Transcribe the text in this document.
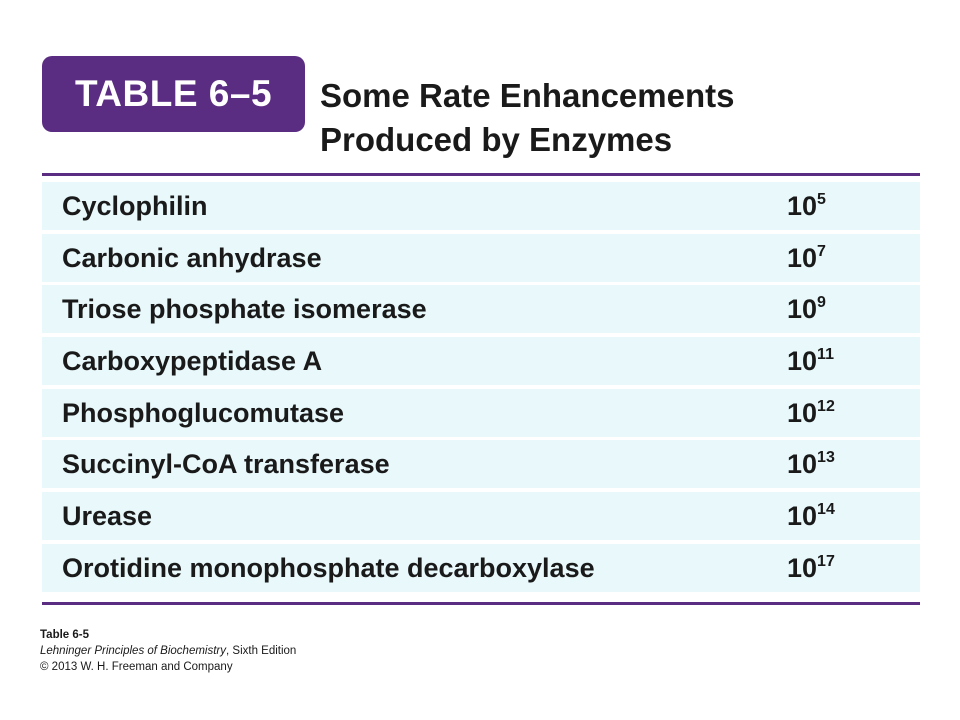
TABLE 6–5	Some Rate Enhancements
Produced by Enzymes
Cyclophilin	$10^5$
Carbonic anhydrase	$10^7$
Triose phosphate isomerase	$10^9$
Carboxypeptidase A	$10^{11}$
Phosphoglucomutase	$10^{12}$
Succinyl-CoA transferase	$10^{13}$
Urease	$10^{14}$
Orotidine monophosphate decarboxylase	$10^{17}$
Table 6-5
Lehninger Principles of Biochemistry, Sixth Edition
© 2013 W. H. Freeman and Company
